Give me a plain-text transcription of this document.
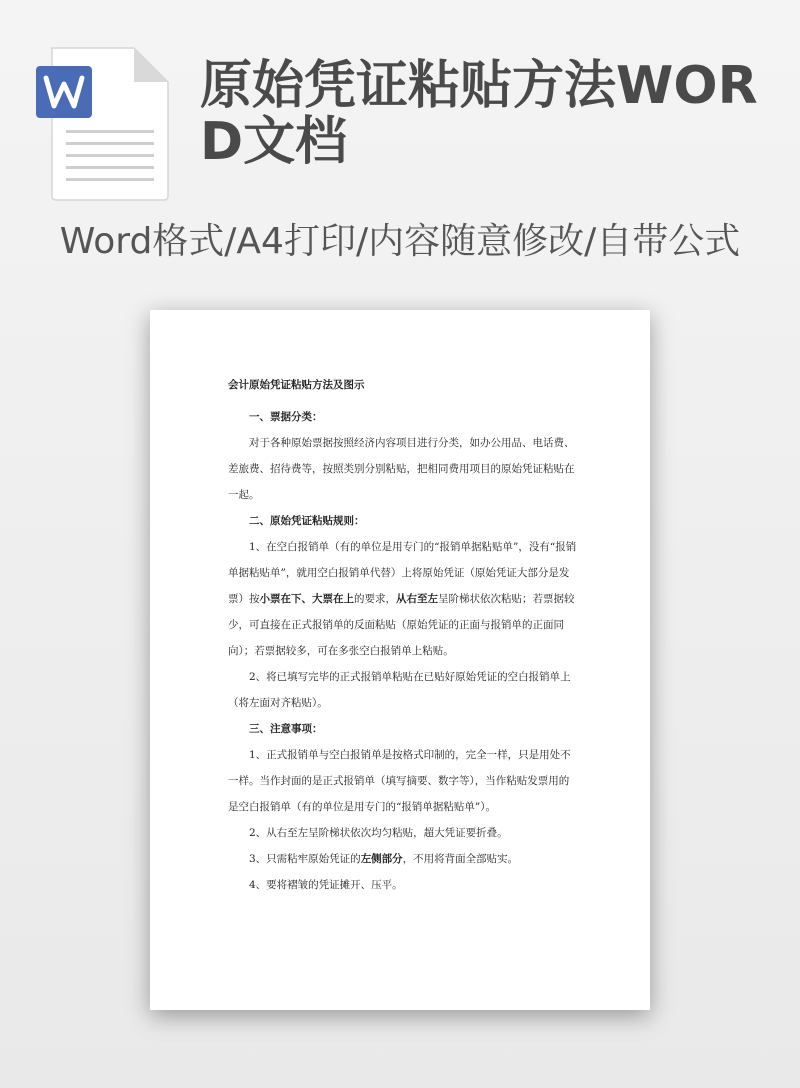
原始凭证粘贴方法WORD文档
Word格式/A4打印/内容随意修改/自带公式

会计原始凭证粘贴方法及图示

一、票据分类：

对于各种原始票据按照经济内容项目进行分类，如办公用品、电话费、差旅费、招待费等，按照类别分别粘贴，把相同费用项目的原始凭证粘贴在一起。

二、原始凭证粘贴规则：

1、在空白报销单（有的单位是用专门的“报销单据粘贴单”，没有“报销单据粘贴单”，就用空白报销单代替）上将原始凭证（原始凭证大部分是发票）按小票在下、大票在上的要求，从右至左呈阶梯状依次粘贴；若票据较少，可直接在正式报销单的反面粘贴（原始凭证的正面与报销单的正面同向）；若票据较多，可在多张空白报销单上粘贴。

2、将已填写完毕的正式报销单粘贴在已贴好原始凭证的空白报销单上（将左面对齐粘贴）。

三、注意事项：

1、正式报销单与空白报销单是按格式印制的，完全一样，只是用处不一样。当作封面的是正式报销单（填写摘要、数字等），当作粘贴发票用的是空白报销单（有的单位是用专门的“报销单据粘贴单”）。

2、从右至左呈阶梯状依次均匀粘贴，超大凭证要折叠。

3、只需粘牢原始凭证的左侧部分，不用将背面全部贴实。

4、要将褶皱的凭证摊开、压平。
